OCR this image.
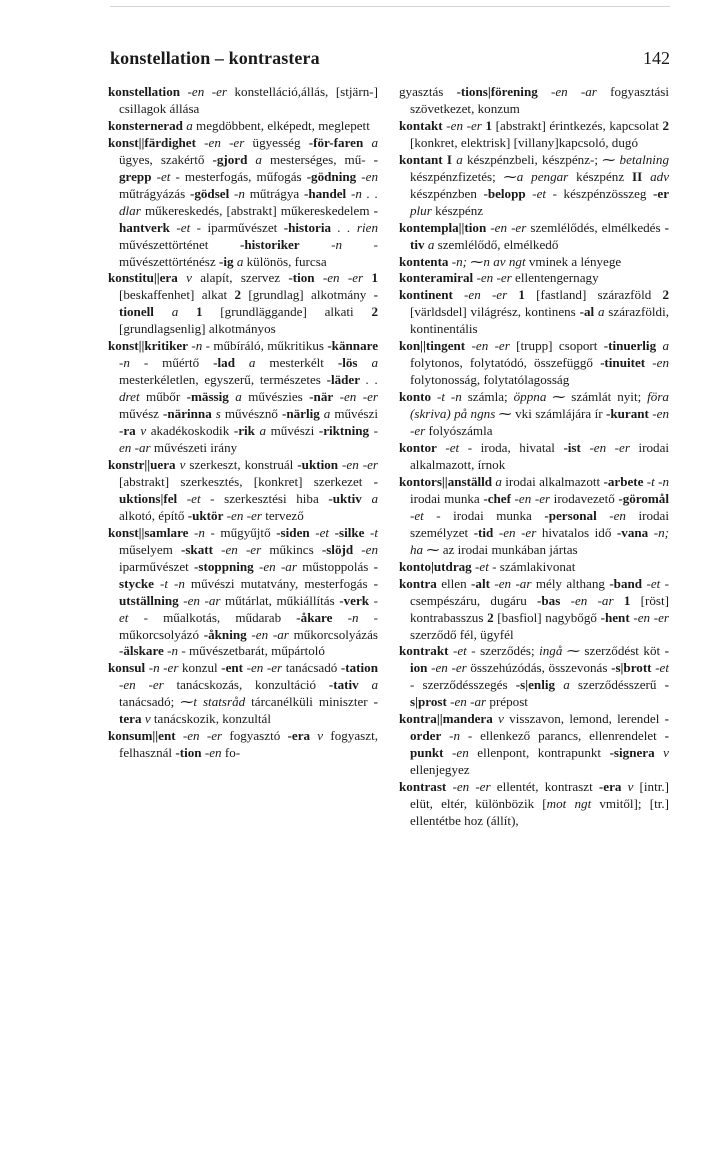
konstellation – kontrastera	142

konstellation -en -er konstelláció,állás, [stjärn-] csillagok állása

konsternerad a megdöbbent, elképedt, meglepett

konst||färdighet -en -er ügyesség -för-faren a ügyes, szakértő -gjord a mesterséges, mű- -grepp -et - mesterfogás, műfogás -gödning -en műtrágyázás -gödsel -n műtrágya -handel -n . . dlar műkereskedés, [abstrakt] műkereskedelem -hantverk -et - iparművészet -historia . . rien művészettörténet -historiker -n - művészettörténész -ig a különös, furcsa

konstitu||era v alapít, szervez -tion -en -er 1 [beskaffenhet] alkat 2 [grundlag] alkotmány -tionell a 1 [grundläggande] alkati 2 [grundlagsenlig] alkotmányos

konst||kritiker -n - műbíráló, műkritikus -kännare -n - műértő -lad a mesterkélt -lös a mesterkéletlen, egyszerű, természetes -läder . . dret műbőr -mässig a művészies -när -en -er művész -närinna s művésznő -närlig a művészi -ra v akadékoskodik -rik a művészi -riktning -en -ar művészeti irány

konstr||uera v szerkeszt, konstruál -uktion -en -er [abstrakt] szerkesztés, [konkret] szerkezet -uktions|fel -et - szerkesztési hiba -uktiv a alkotó, építő -uktör -en -er tervező

konst||samlare -n - műgyűjtő -siden -et -silke -t műselyem -skatt -en -er műkincs -slöjd -en iparművészet -stoppning -en -ar műstoppolás -stycke -t -n művészi mutatvány, mesterfogás -utställning -en -ar műtárlat, műkiállítás -verk -et - műalkotás, műdarab -åkare -n - műkorcsolyázó -åkning -en -ar műkorcsolyázás -älskare -n - művészetbarát, műpártoló

konsul -n -er konzul -ent -en -er tanácsadó -tation -en -er tanácskozás, konzultáció -tativ a tanácsadó; ⁓t statsråd tárcanélküli miniszter -tera v tanácskozik, konzultál

konsum||ent -en -er fogyasztó -era v fogyaszt, felhasznál -tion -en fo-

gyasztás -tions|förening -en -ar fogyasztási szövetkezet, konzum

kontakt -en -er 1 [abstrakt] érintkezés, kapcsolat 2 [konkret, elektrisk] [villany]kapcsoló, dugó

kontant I a készpénzbeli, készpénz-; ⁓ betalning készpénzfizetés; ⁓a pengar készpénz II adv készpénzben -belopp -et - készpénzösszeg -er plur készpénz

kontempla||tion -en -er szemlélődés, elmélkedés -tiv a szemlélődő, elmélkedő

kontenta -n; ⁓n av ngt vminek a lényege

konteramiral -en -er ellentengernagy

kontinent -en -er 1 [fastland] szárazföld 2 [världsdel] világrész, kontinens -al a szárazföldi, kontinentális

kon||tingent -en -er [trupp] csoport -tinuerlig a folytonos, folytatódó, összefüggő -tinuitet -en folytonosság, folytatólagosság

konto -t -n számla; öppna ⁓ számlát nyit; föra (skriva) på ngns ⁓ vki számlájára ír -kurant -en -er folyószámla

kontor -et - iroda, hivatal -ist -en -er irodai alkalmazott, írnok

kontors||anställd a irodai alkalmazott -arbete -t -n irodai munka -chef -en -er irodavezető -göromål -et - irodai munka -personal -en irodai személyzet -tid -en -er hivatalos idő -vana -n; ha ⁓ az irodai munkában jártas

konto|utdrag -et - számlakivonat

kontra ellen -alt -en -ar mély althang -band -et - csempészáru, dugáru -bas -en -ar 1 [röst] kontrabasszus 2 [basfiol] nagybőgő -hent -en -er szerződő fél, ügyfél

kontrakt -et - szerződés; ingå ⁓ szerződést köt -ion -en -er összehúzódás, összevonás -s|brott -et - szerződésszegés -s|enlig a szerződésszerű -s|prost -en -ar prépost

kontra||mandera v visszavon, lemond, lerendel -order -n - ellenkező parancs, ellenrendelet -punkt -en ellenpont, kontrapunkt -signera v ellenjegyez

kontrast -en -er ellentét, kontraszt -era v [intr.] elüt, eltér, különbözik [mot ngt vmitől]; [tr.] ellentétbe hoz (állít),
